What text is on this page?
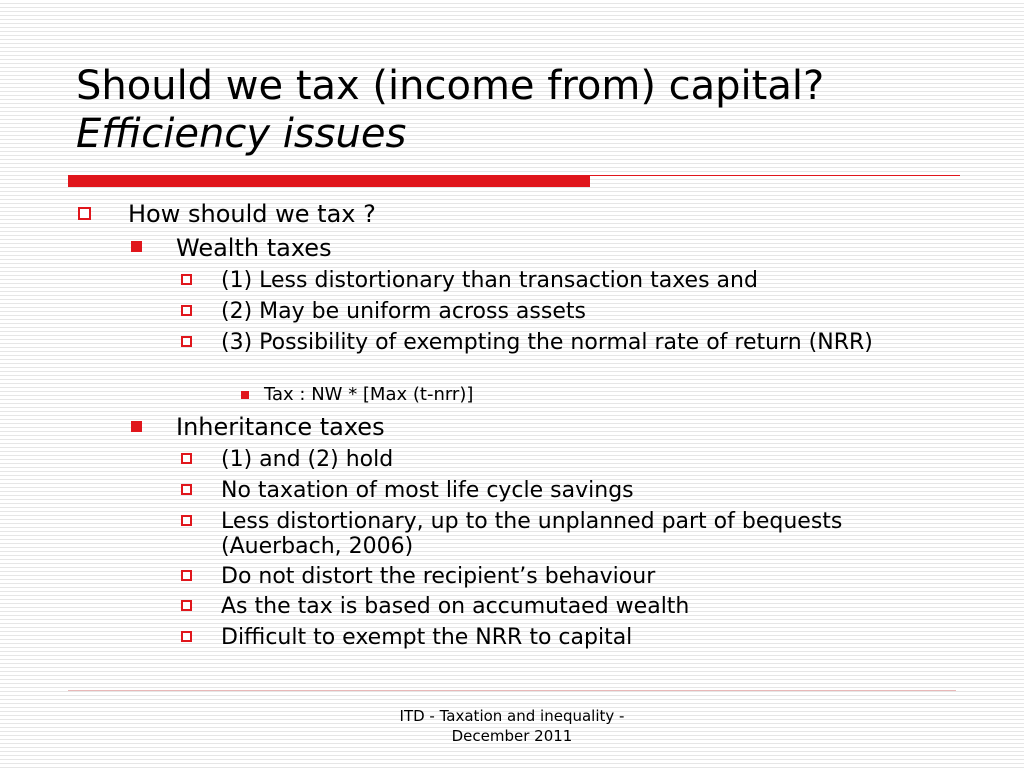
Should we tax (income from) capital?
Efficiency issues
How should we tax ?
Wealth taxes
(1) Less distortionary than transaction taxes and
(2) May be uniform across assets
(3) Possibility of exempting the normal rate of return (NRR)
Tax : NW * [Max (t-nrr)]
Inheritance taxes
(1) and (2) hold
No taxation of most life cycle savings
Less distortionary, up to the unplanned part of bequests (Auerbach, 2006)
Do not distort the recipient’s behaviour
As the tax is based on accumutaed wealth
Difficult to exempt the NRR to capital
ITD - Taxation and inequality -
December 2011
